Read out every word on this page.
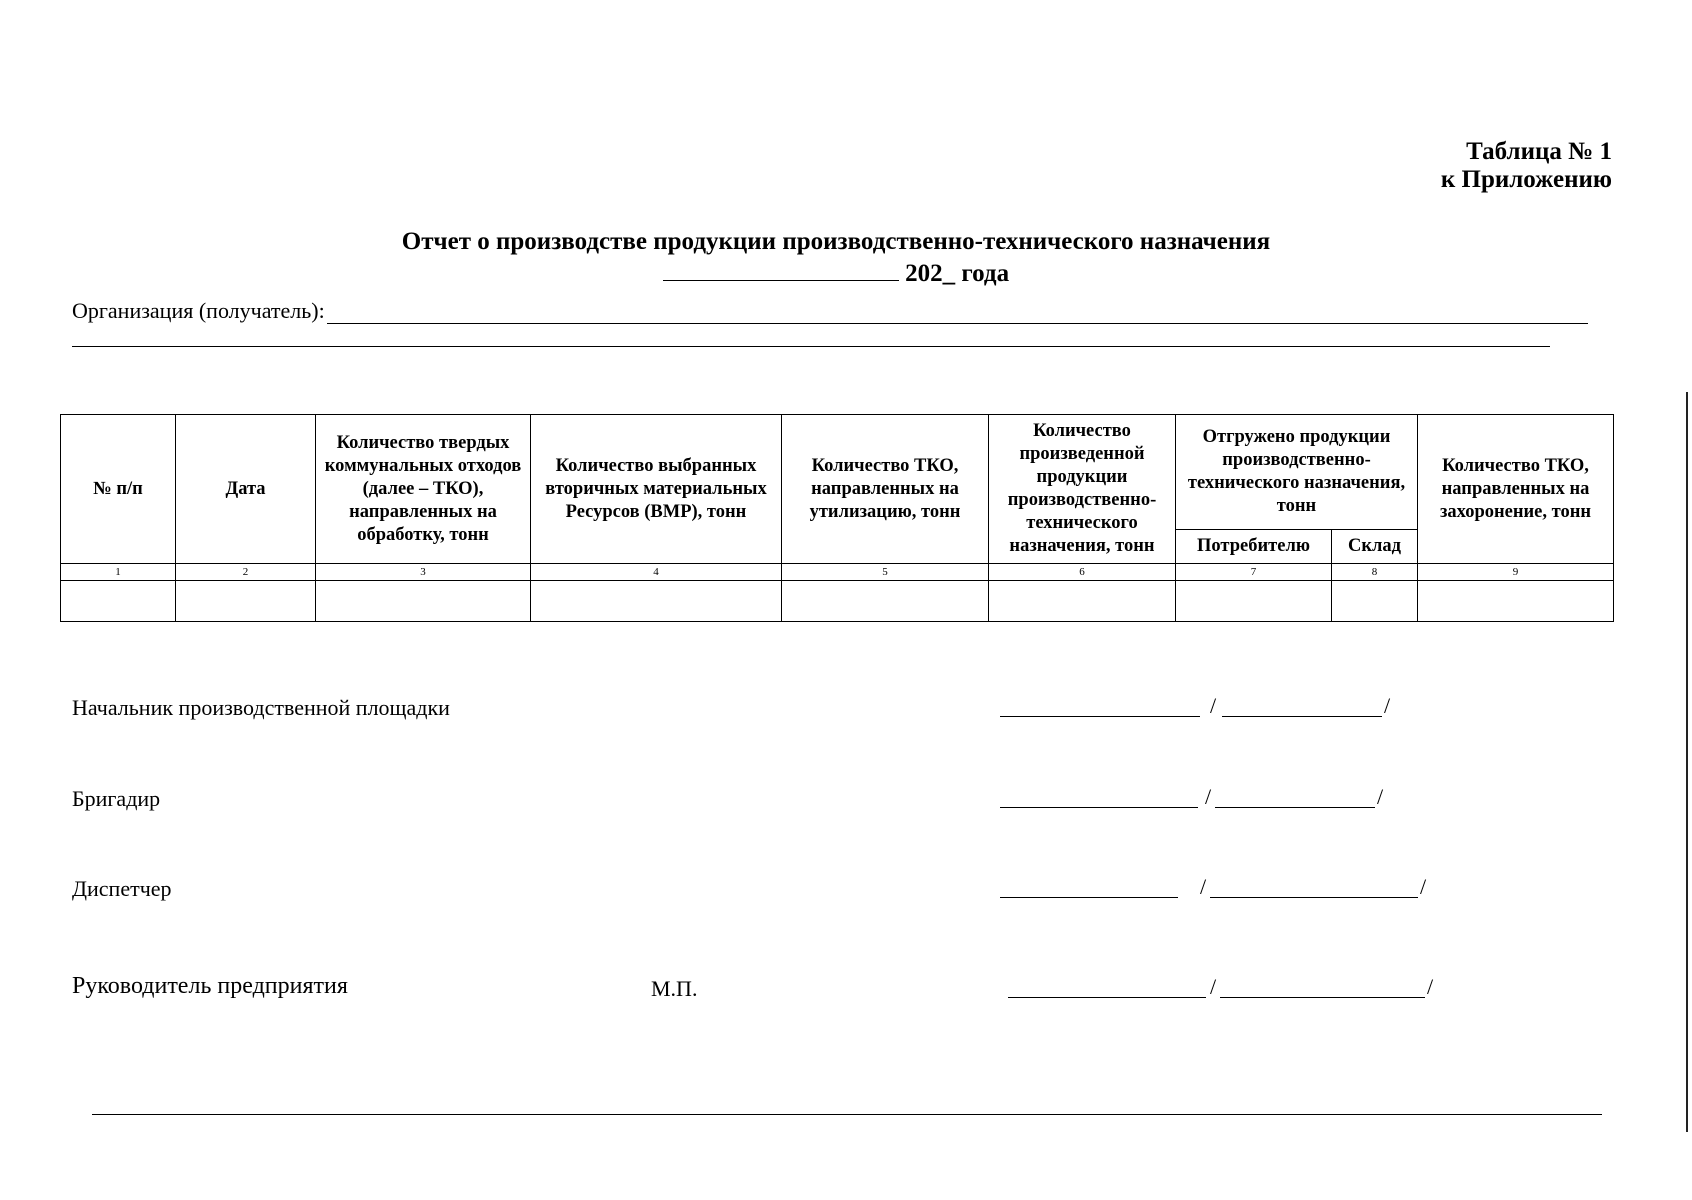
Таблица № 1
к Приложению
Отчет о производстве продукции производственно-технического назначения
202_ года
Организация (получатель):
№ п/п	Дата	Количество твердых коммунальных отходов (далее – ТКО), направленных на обработку, тонн	Количество выбранных вторичных материальных Ресурсов (ВМР), тонн	Количество ТКО, направленных на утилизацию, тонн	Количество произведенной продукции производственно-технического назначения, тонн	Отгружено продукции производственно-технического назначения, тонн		Количество ТКО, направленных на захоронение, тонн
						Потребителю	Склад	
1	2	3	4	5	6	7	8	9

Начальник производственной площадки	/	/
Бригадир	/	/
Диспетчер	/	/
Руководитель предприятия	М.П.	/	/
